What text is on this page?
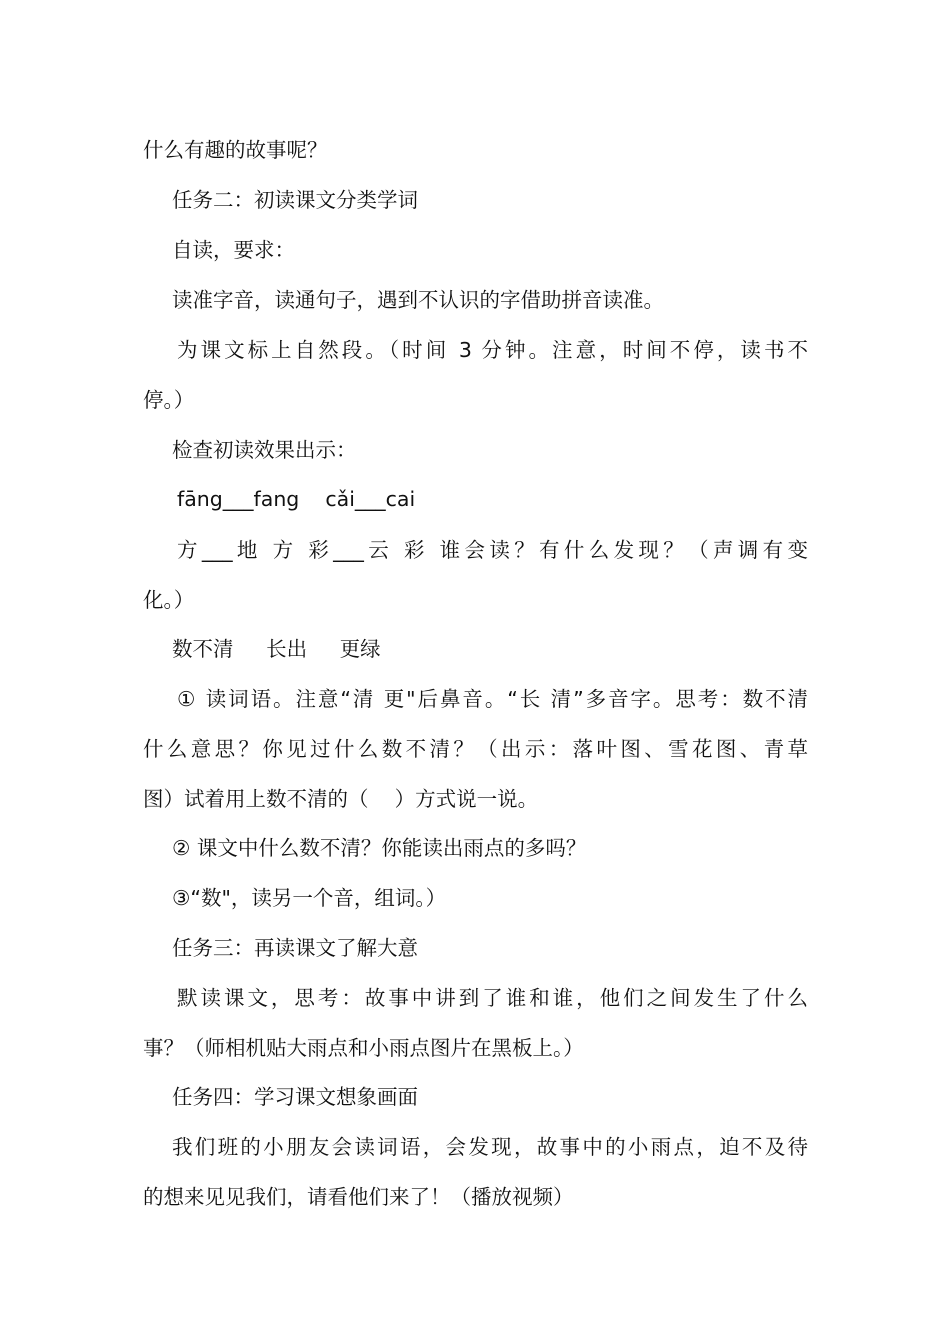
什么有趣的故事呢？
任务二：初读课文分类学词
自读，要求：
读准字音，读通句子，遇到不认识的字借助拼音读准。
为课文标上自然段。（时间 3 分钟。注意，时间不停，读书不
停。）
检查初读效果出示：
fāng___fang    cǎi___cai
方___地 方 彩___云 彩 谁会读？有什么发现？（声调有变
化。）
数不清     长出     更绿
① 读词语。注意“清 更"后鼻音。“长 清”多音字。思考：数不清
什么意思？你见过什么数不清？（出示：落叶图、雪花图、青草
图）试着用上数不清的（    ）方式说一说。
② 课文中什么数不清？你能读出雨点的多吗？
③“数"，读另一个音，组词。）
任务三：再读课文了解大意
默读课文，思考：故事中讲到了谁和谁，他们之间发生了什么
事？（师相机贴大雨点和小雨点图片在黑板上。）
任务四：学习课文想象画面
我们班的小朋友会读词语，会发现，故事中的小雨点，迫不及待
的想来见见我们，请看他们来了！（播放视频）
